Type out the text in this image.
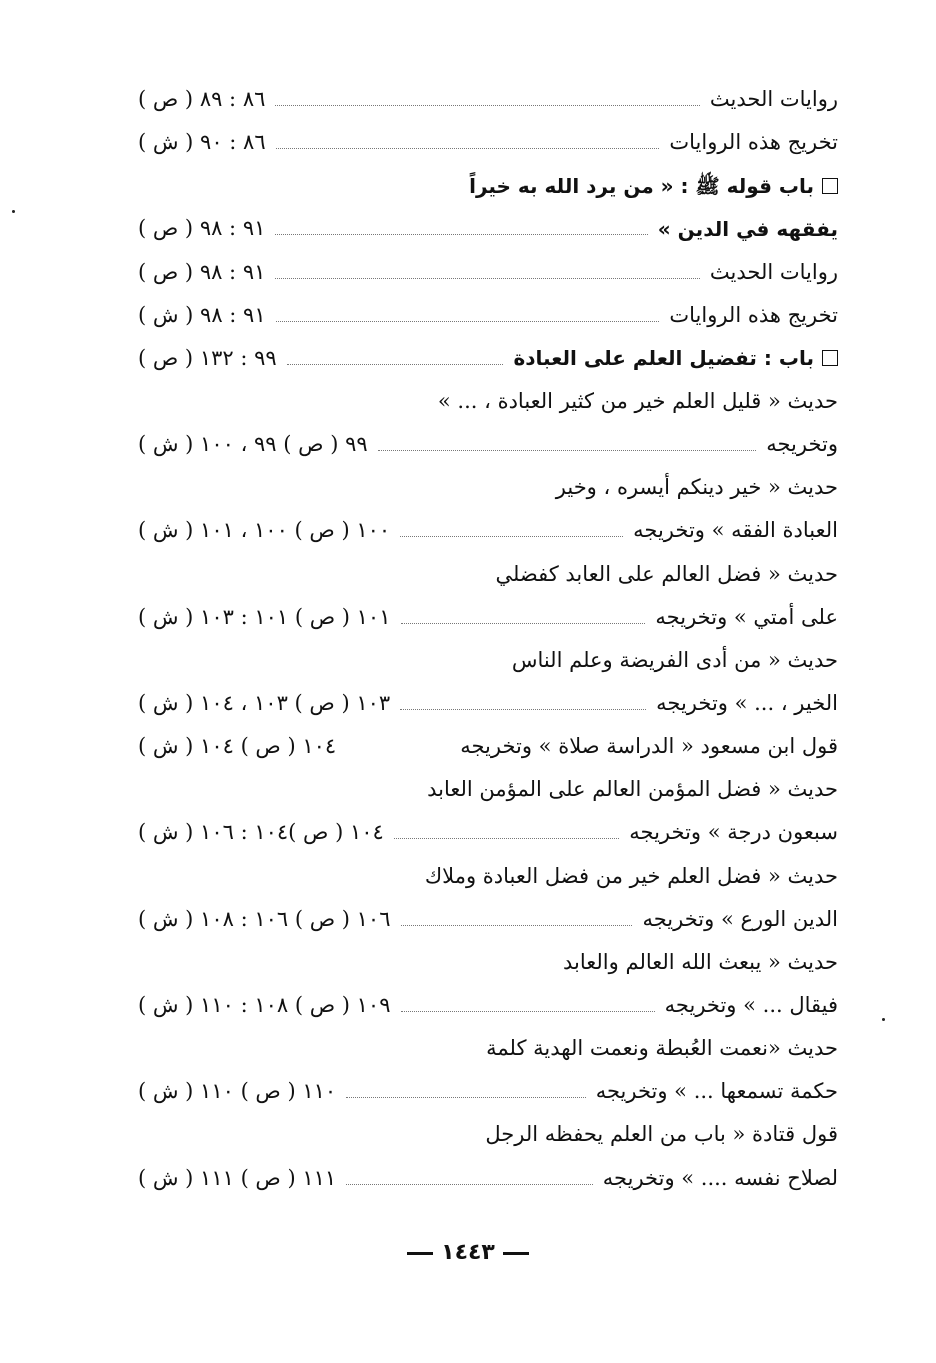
روايات الحديث
٨٦ : ٨٩ ( ص )
تخريج هذه الروايات
٨٦ : ٩٠ ( ش )
باب قوله ﷺ : « من يرد الله به خيراً
يفقهه في الدين »
٩١ : ٩٨ ( ص )
روايات الحديث
٩١ : ٩٨ ( ص )
تخريج هذه الروايات
٩١ : ٩٨ ( ش )
باب : تفضيل العلم على العبادة
٩٩ : ١٣٢ ( ص )
حديث « قليل العلم خير من كثير العبادة ، ... »
وتخريجه
٩٩ ( ص ) ٩٩ ، ١٠٠ ( ش )
حديث « خير دينكم أيسره ، وخير
العبادة الفقه » وتخريجه
١٠٠ ( ص ) ١٠٠ ، ١٠١ ( ش )
حديث « فضل العالم على العابد كفضلي
على أمتي » وتخريجه
١٠١ ( ص ) ١٠١ : ١٠٣ ( ش )
حديث « من أدى الفريضة وعلم الناس
الخير ، ... » وتخريجه
١٠٣ ( ص ) ١٠٣ ، ١٠٤ ( ش )
قول ابن مسعود « الدراسة صلاة » وتخريجه
١٠٤ ( ص ) ١٠٤ ( ش )
حديث « فضل المؤمن العالم على المؤمن العابد
سبعون درجة » وتخريجه
١٠٤ ( ص )١٠٤ : ١٠٦ ( ش )
حديث « فضل العلم خير من فضل العبادة وملاك
الدين الورع » وتخريجه
١٠٦ ( ص ) ١٠٦ : ١٠٨ ( ش )
حديث « يبعث الله العالم والعابد
فيقال ... » وتخريجه
١٠٩ ( ص ) ١٠٨ : ١١٠ ( ش )
حديث «نعمت العُبطة ونعمت الهدية كلمة
حكمة تسمعها ... » وتخريجه
١١٠ ( ص ) ١١٠ ( ش )
قول قتادة « باب من العلم يحفظه الرجل
لصلاح نفسه .... » وتخريجه
١١١ ( ص ) ١١١ ( ش )
١٤٤٣
